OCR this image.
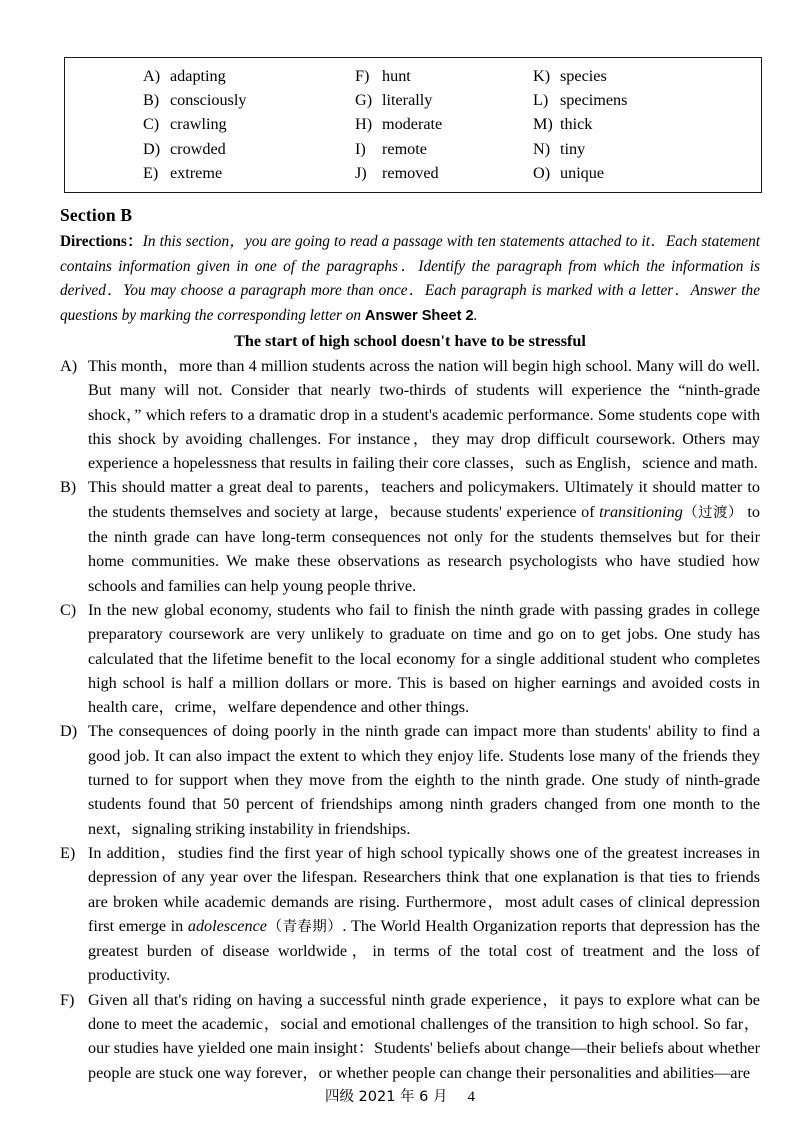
A) adapting
B) consciously
C) crawling
D) crowded
E) extreme
F) hunt
G) literally
H) moderate
I)	remote
J) removed
K) species
L) specimens
M) thick
N) tiny
O) unique
Section B
Directions：In this section，you are going to read a passage with ten statements attached to it．Each statement contains information given in one of the paragraphs．Identify the paragraph from which the information is derived．You may choose a paragraph more than once．Each paragraph is marked with a letter．Answer the questions by marking the corresponding letter on Answer Sheet 2.
The start of high school doesn't have to be stressful
A) This month，more than 4 million students across the nation will begin high school. Many will do well. But many will not. Consider that nearly two-thirds of students will experience the “ninth-grade shock，” which refers to a dramatic drop in a student's academic performance. Some students cope with this shock by avoiding challenges. For instance，they may drop difficult coursework. Others may experience a hopelessness that results in failing their core classes，such as English，science and math.
B) This should matter a great deal to parents，teachers and policymakers. Ultimately it should matter to the students themselves and society at large，because students' experience of transitioning（过渡） to the ninth grade can have long-term consequences not only for the students themselves but for their home communities. We make these observations as research psychologists who have studied how schools and families can help young people thrive.
C) In the new global economy, students who fail to finish the ninth grade with passing grades in college preparatory coursework are very unlikely to graduate on time and go on to get jobs. One study has calculated that the lifetime benefit to the local economy for a single additional student who completes high school is half a million dollars or more. This is based on higher earnings and avoided costs in health care，crime，welfare dependence and other things.
D) The consequences of doing poorly in the ninth grade can impact more than students' ability to find a good job. It can also impact the extent to which they enjoy life. Students lose many of the friends they turned to for support when they move from the eighth to the ninth grade. One study of ninth-grade students found that 50 percent of friendships among ninth graders changed from one month to the next，signaling striking instability in friendships.
E) In addition，studies find the first year of high school typically shows one of the greatest increases in depression of any year over the lifespan. Researchers think that one explanation is that ties to friends are broken while academic demands are rising. Furthermore，most adult cases of clinical depression first emerge in adolescence（青春期）. The World Health Organization reports that depression has the greatest burden of disease worldwide，in terms of the total cost of treatment and the loss of productivity.
F) Given all that's riding on having a successful ninth grade experience，it pays to explore what can be done to meet the academic，social and emotional challenges of the transition to high school. So far，our studies have yielded one main insight：Students' beliefs about change—their beliefs about whether people are stuck one way forever，or whether people can change their personalities and abilities—are
四级 2021 年 6 月 4
